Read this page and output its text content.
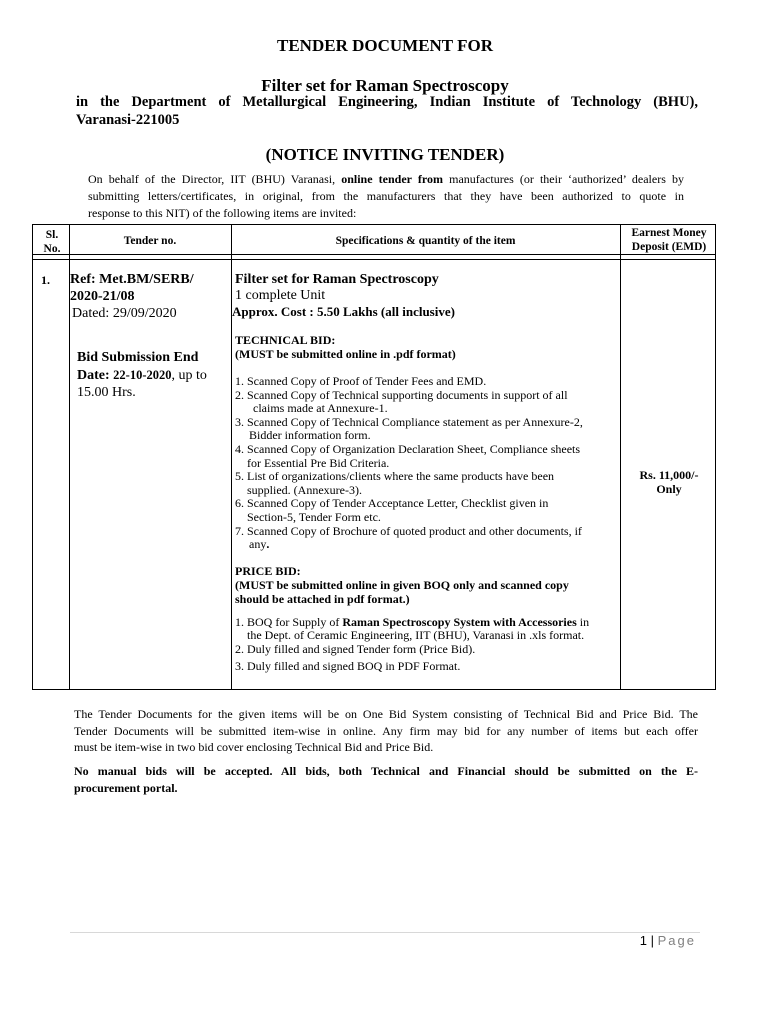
TENDER DOCUMENT FOR
Filter set for Raman Spectroscopy
in the Department of Metallurgical Engineering, Indian Institute of Technology (BHU),
Varanasi-221005
(NOTICE INVITING TENDER)
On behalf of the Director, IIT (BHU) Varanasi, online tender from manufactures (or their ‘authorized’ dealers by
submitting letters/certificates, in original, from the manufacturers that they have been authorized to quote in
response to this NIT) of the following items are invited:
Sl.
No.
Tender no.	Specifications & quantity of the item
Earnest Money
Deposit (EMD)
1. Ref: Met.BM/SERB/
2020-21/08
Dated: 29/09/2020
Bid Submission End
Date: 22-10-2020, up to
15.00 Hrs.
Filter set for Raman Spectroscopy
1 complete Unit
Approx. Cost : 5.50 Lakhs (all inclusive)
TECHNICAL BID:
(MUST be submitted online in .pdf format)
1. Scanned Copy of Proof of Tender Fees and EMD.
2. Scanned Copy of Technical supporting documents in support of all
claims made at Annexure-1.
3. Scanned Copy of Technical Compliance statement as per Annexure-2,
Bidder information form.
4. Scanned Copy of Organization Declaration Sheet, Compliance sheets
for Essential Pre Bid Criteria.
5. List of organizations/clients where the same products have been
supplied. (Annexure-3).
6. Scanned Copy of Tender Acceptance Letter, Checklist given in
Section-5, Tender Form etc.
7. Scanned Copy of Brochure of quoted product and other documents, if
any.
PRICE BID:
(MUST be submitted online in given BOQ only and scanned copy
should be attached in pdf format.)
1. BOQ for Supply of Raman Spectroscopy System with Accessories in
the Dept. of Ceramic Engineering, IIT (BHU), Varanasi in .xls format.
2. Duly filled and signed Tender form (Price Bid).
3. Duly filled and signed BOQ in PDF Format.
Rs. 11,000/-
Only
The Tender Documents for the given items will be on One Bid System consisting of Technical Bid and Price Bid. The
Tender Documents will be submitted item-wise in online. Any firm may bid for any number of items but each offer
must be item-wise in two bid cover enclosing Technical Bid and Price Bid.
No manual bids will be accepted. All bids, both Technical and Financial should be submitted on the E-
procurement portal.
1 | Page
